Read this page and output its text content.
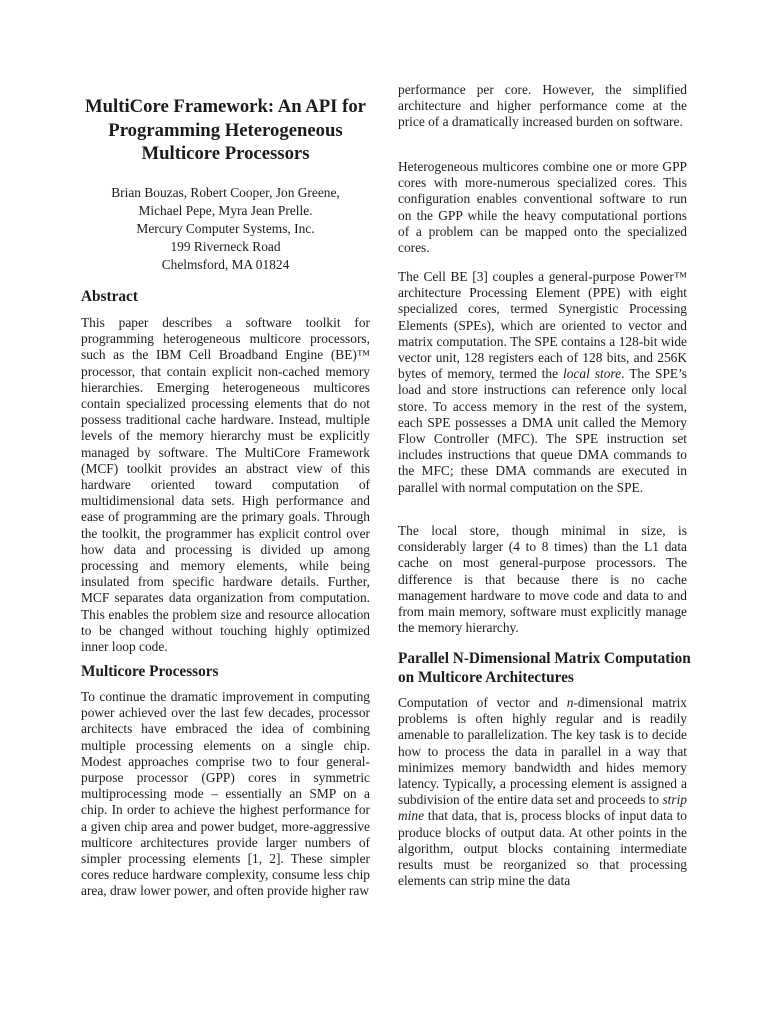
MultiCore Framework: An API for Programming Heterogeneous Multicore Processors
Brian Bouzas, Robert Cooper, Jon Greene,
Michael Pepe, Myra Jean Prelle.
Mercury Computer Systems, Inc.
199 Riverneck Road
Chelmsford, MA 01824
Abstract

This paper describes a software toolkit for programming heterogeneous multicore processors, such as the IBM Cell Broadband Engine (BE)™ processor, that contain explicit non-cached memory hierarchies. Emerging heterogeneous multicores contain specialized processing elements that do not possess traditional cache hardware. Instead, multiple levels of the memory hierarchy must be explicitly managed by software. The MultiCore Framework (MCF) toolkit provides an abstract view of this hardware oriented toward computation of multidimensional data sets. High performance and ease of programming are the primary goals. Through the toolkit, the programmer has explicit control over how data and processing is divided up among processing and memory elements, while being insulated from specific hardware details. Further, MCF separates data organization from computation. This enables the problem size and resource allocation to be changed without touching highly optimized inner loop code.

Multicore Processors

To continue the dramatic improvement in computing power achieved over the last few decades, processor architects have embraced the idea of combining multiple processing elements on a single chip. Modest approaches comprise two to four general-purpose processor (GPP) cores in symmetric multiprocessing mode – essentially an SMP on a chip. In order to achieve the highest performance for a given chip area and power budget, more-aggressive multicore architectures provide larger numbers of simpler processing elements [1, 2]. These simpler cores reduce hardware complexity, consume less chip area, draw lower power, and often provide higher raw

performance per core. However, the simplified architecture and higher performance come at the price of a dramatically increased burden on software.

Heterogeneous multicores combine one or more GPP cores with more-numerous specialized cores. This configuration enables conventional software to run on the GPP while the heavy computational portions of a problem can be mapped onto the specialized cores.

The Cell BE [3] couples a general-purpose Power™ architecture Processing Element (PPE) with eight specialized cores, termed Synergistic Processing Elements (SPEs), which are oriented to vector and matrix computation. The SPE contains a 128-bit wide vector unit, 128 registers each of 128 bits, and 256K bytes of memory, termed the local store. The SPE’s load and store instructions can reference only local store. To access memory in the rest of the system, each SPE possesses a DMA unit called the Memory Flow Controller (MFC). The SPE instruction set includes instructions that queue DMA commands to the MFC; these DMA commands are executed in parallel with normal computation on the SPE.

The local store, though minimal in size, is considerably larger (4 to 8 times) than the L1 data cache on most general-purpose processors. The difference is that because there is no cache management hardware to move code and data to and from main memory, software must explicitly manage the memory hierarchy.

Parallel N-Dimensional Matrix Computation on Multicore Architectures

Computation of vector and n-dimensional matrix problems is often highly regular and is readily amenable to parallelization. The key task is to decide how to process the data in parallel in a way that minimizes memory bandwidth and hides memory latency. Typically, a processing element is assigned a subdivision of the entire data set and proceeds to strip mine that data, that is, process blocks of input data to produce blocks of output data. At other points in the algorithm, output blocks containing intermediate results must be reorganized so that processing elements can strip mine the data
